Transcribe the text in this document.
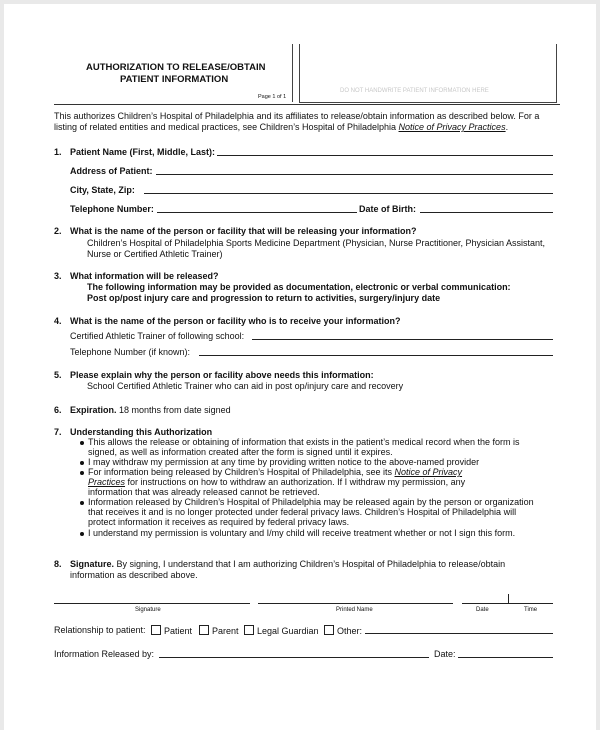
AUTHORIZATION TO RELEASE/OBTAIN
PATIENT INFORMATION
Page 1 of 1
DO NOT HANDWRITE PATIENT INFORMATION HERE
This authorizes Children’s Hospital of Philadelphia and its affiliates to release/obtain information as described below. For a
listing of related entities and medical practices, see Children’s Hospital of Philadelphia Notice of Privacy Practices.
1. Patient Name (First, Middle, Last):
Address of Patient:
City, State, Zip:
Telephone Number:	Date of Birth:
2. What is the name of the person or facility that will be releasing your information?
Children’s Hospital of Philadelphia Sports Medicine Department (Physician, Nurse Practitioner, Physician Assistant,
Nurse or Certified Athletic Trainer)
3. What information will be released?
The following information may be provided as documentation, electronic or verbal communication:
Post op/post injury care and progression to return to activities, surgery/injury date
4. What is the name of the person or facility who is to receive your information?
Certified Athletic Trainer of following school:
Telephone Number (if known):
5. Please explain why the person or facility above needs this information:
School Certified Athletic Trainer who can aid in post op/injury care and recovery
6. Expiration. 18 months from date signed
7. Understanding this Authorization
This allows the release or obtaining of information that exists in the patient’s medical record when the form is
signed, as well as information created after the form is signed until it expires.
I may withdraw my permission at any time by providing written notice to the above-named provider
For information being released by Children’s Hospital of Philadelphia, see its Notice of Privacy
Practices for instructions on how to withdraw an authorization. If I withdraw my permission, any
information that was already released cannot be retrieved.
Information released by Children’s Hospital of Philadelphia may be released again by the person or organization
that receives it and is no longer protected under federal privacy laws. Children’s Hospital of Philadelphia will
protect information it receives as required by federal privacy laws.
I understand my permission is voluntary and I/my child will receive treatment whether or not I sign this form.
8. Signature. By signing, I understand that I am authorizing Children’s Hospital of Philadelphia to release/obtain
information as described above.
Signature	Printed Name	Date	Time
Relationship to patient:	Patient	Parent	Legal Guardian	Other:
Information Released by:	Date:
